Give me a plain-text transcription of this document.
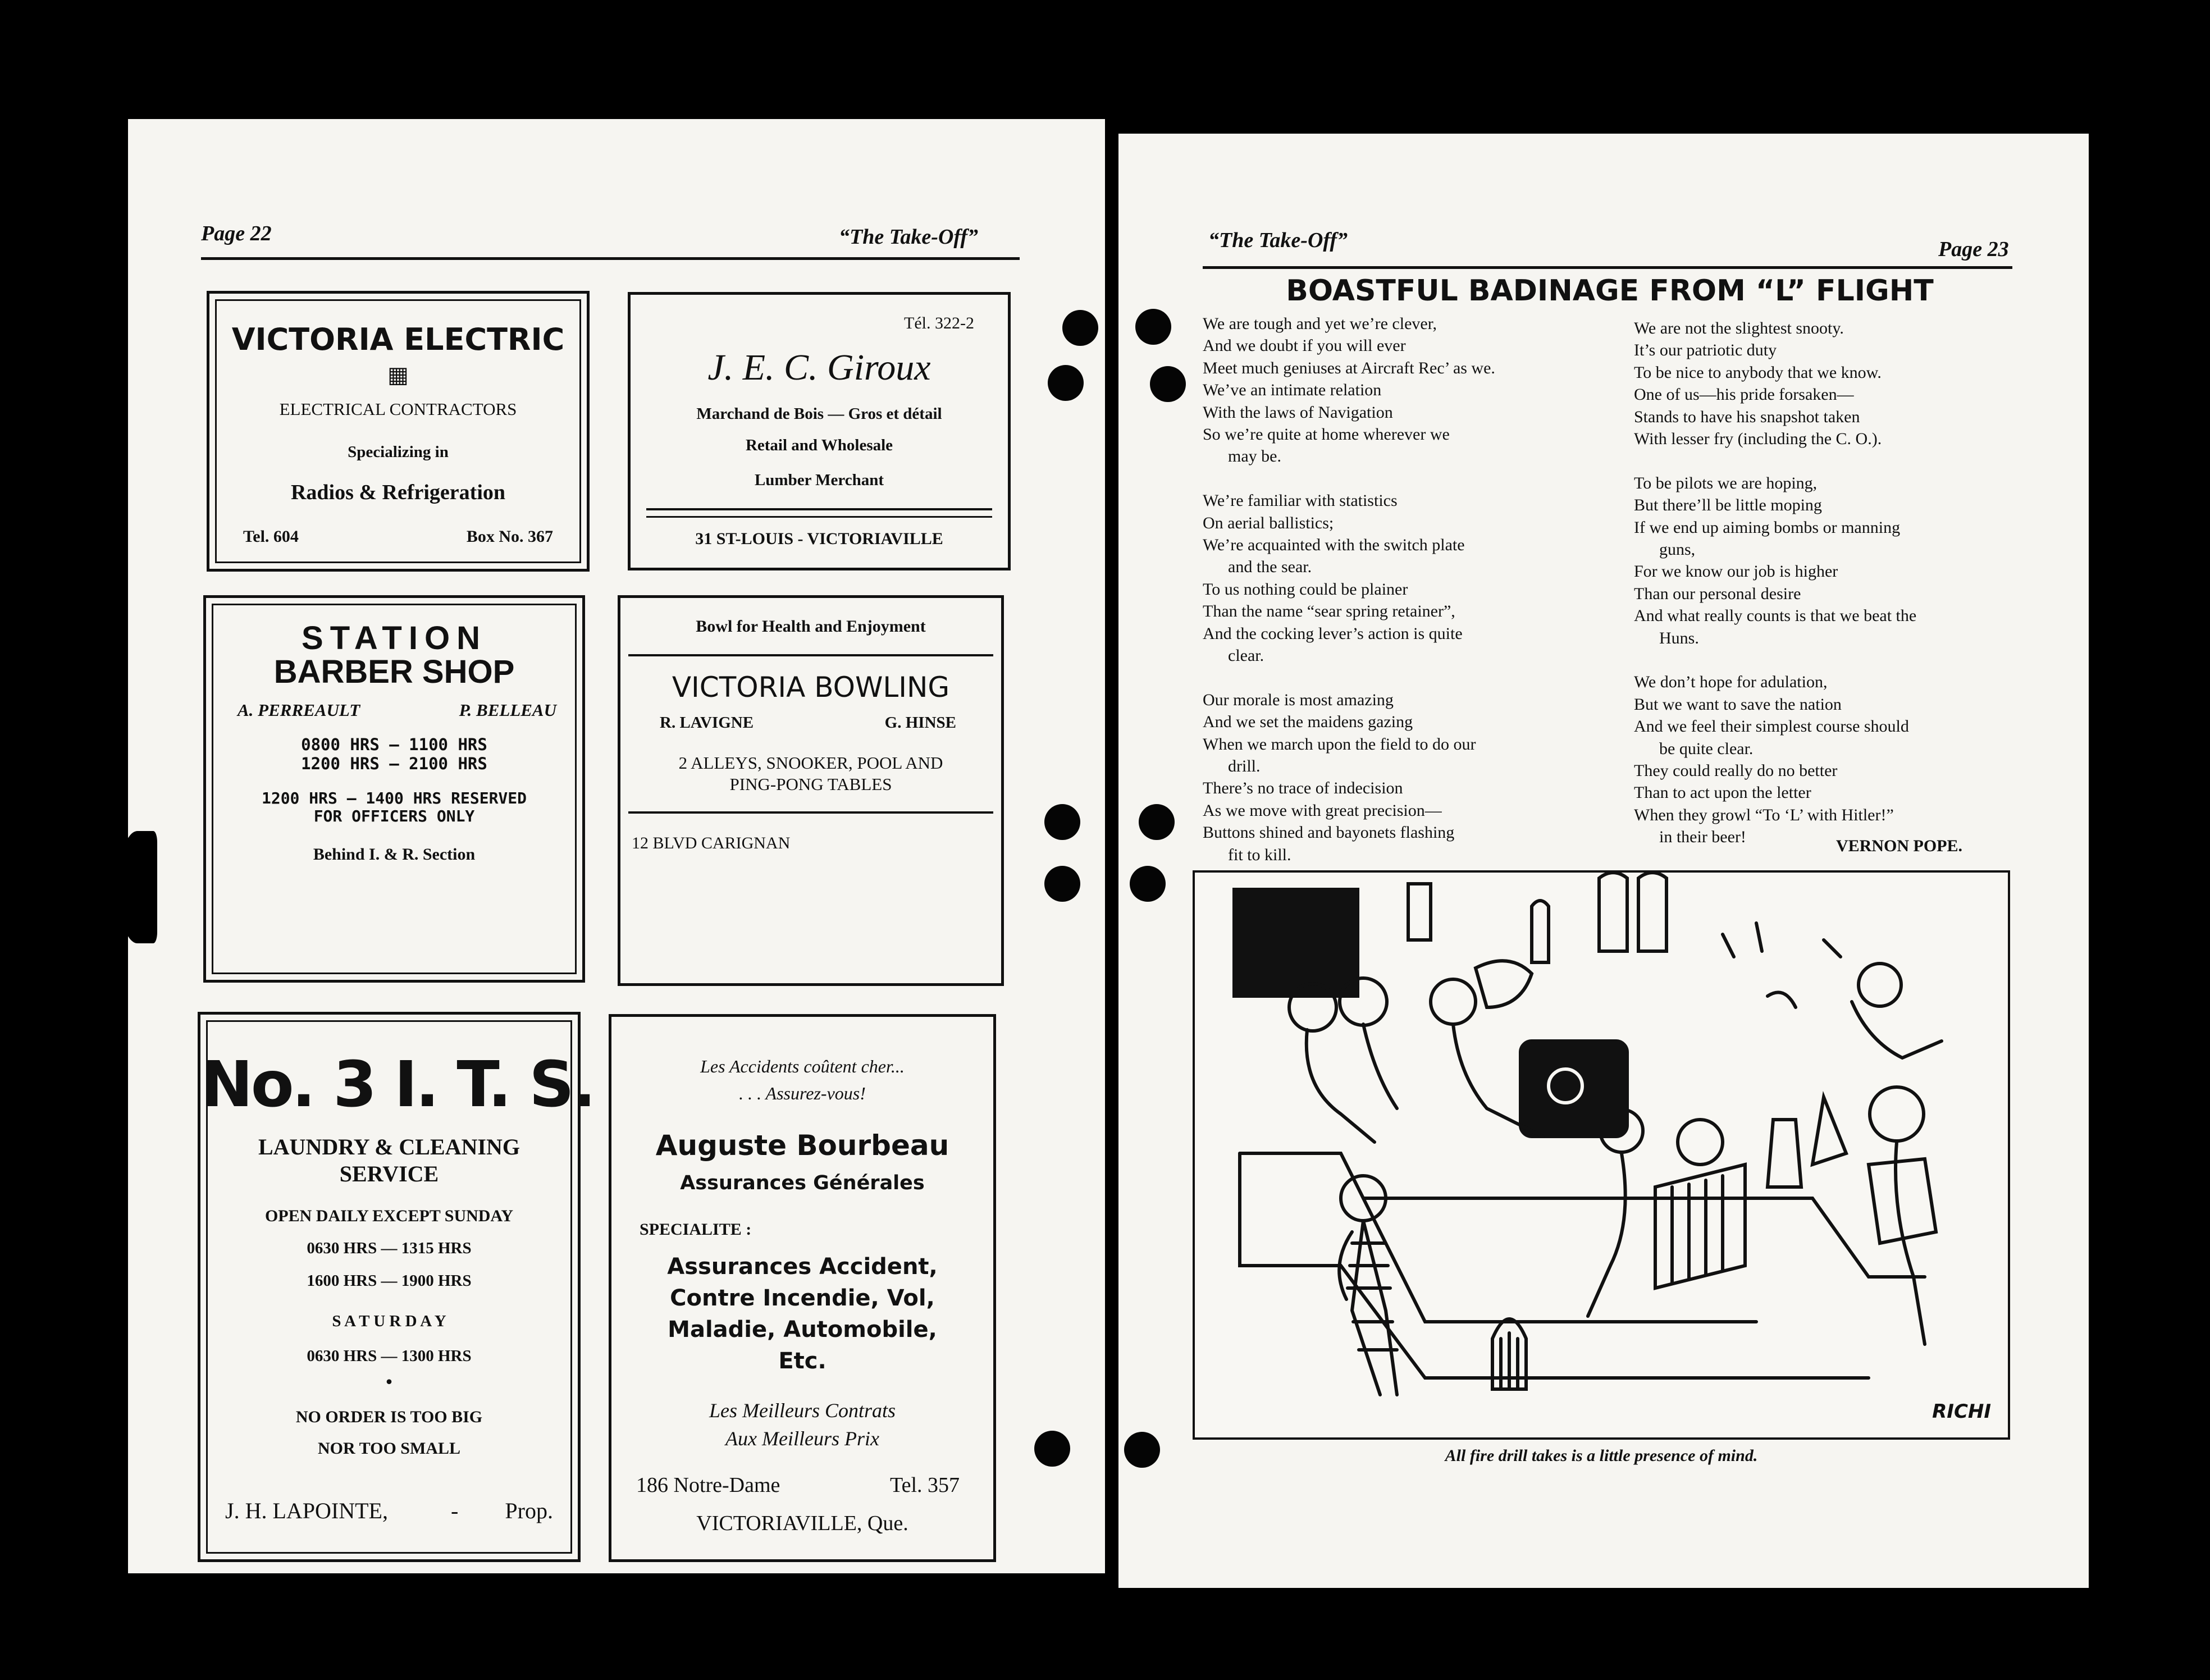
Page 22	“The Take-Off”
VICTORIA ELECTRIC
▦
ELECTRICAL CONTRACTORS
Specializing in
Radios & Refrigeration
Tel. 604	Box No. 367
Tél. 322-2
J. E. C. Giroux
Marchand de Bois — Gros et détail
Retail and Wholesale
Lumber Merchant
31 ST-LOUIS - VICTORIAVILLE
STATION
BARBER SHOP
A. PERREAULT	P. BELLEAU
0800 HRS — 1100 HRS
1200 HRS — 2100 HRS
1200 HRS — 1400 HRS RESERVED
FOR OFFICERS ONLY
Behind I. & R. Section
Bowl for Health and Enjoyment
VICTORIA BOWLING
R. LAVIGNE	G. HINSE
2 ALLEYS, SNOOKER, POOL AND
PING-PONG TABLES
12 BLVD CARIGNAN
No. 3 I. T. S.
LAUNDRY & CLEANING
SERVICE
OPEN DAILY EXCEPT SUNDAY
0630 HRS — 1315 HRS
1600 HRS — 1900 HRS
S A T U R D A Y
0630 HRS — 1300 HRS
•
NO ORDER IS TOO BIG
NOR TOO SMALL
J. H. LAPOINTE,	- Prop.
Les Accidents coûtent cher...
. . . Assurez-vous!
Auguste Bourbeau
Assurances Générales
SPECIALITE :
Assurances Accident,
Contre Incendie, Vol,
Maladie, Automobile,
Etc.
Les Meilleurs Contrats
Aux Meilleurs Prix
186 Notre-Dame	Tel. 357
VICTORIAVILLE, Que.
“The Take-Off”	Page 23
BOASTFUL BADINAGE FROM “L” FLIGHT
We are tough and yet we’re clever,
And we doubt if you will ever
Meet much geniuses at Aircraft Rec’ as we.
We’ve an intimate relation
With the laws of Navigation
So we’re quite at home wherever we
may be.
We’re familiar with statistics
On aerial ballistics;
We’re acquainted with the switch plate
and the sear.
To us nothing could be plainer
Than the name “sear spring retainer”,
And the cocking lever’s action is quite
clear.
Our morale is most amazing
And we set the maidens gazing
When we march upon the field to do our
drill.
There’s no trace of indecision
As we move with great precision—
Buttons shined and bayonets flashing
fit to kill.
We are not the slightest snooty.
It’s our patriotic duty
To be nice to anybody that we know.
One of us—his pride forsaken—
Stands to have his snapshot taken
With lesser fry (including the C. O.).
To be pilots we are hoping,
But there’ll be little moping
If we end up aiming bombs or manning
guns,
For we know our job is higher
Than our personal desire
And what really counts is that we beat the
Huns.
We don’t hope for adulation,
But we want to save the nation
And we feel their simplest course should
be quite clear.
They could really do no better
Than to act upon the letter
When they growl “To ‘L’ with Hitler!”
in their beer!	VERNON POPE.
RICHI
All fire drill takes is a little presence of mind.
